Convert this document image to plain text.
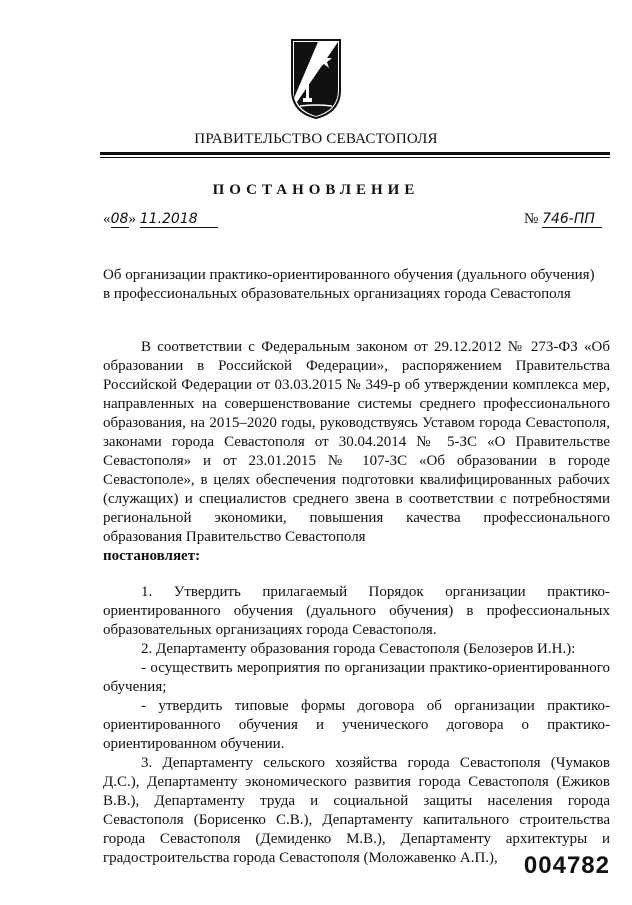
ПРАВИТЕЛЬСТВО СЕВАСТОПОЛЯ
ПОСТАНОВЛЕНИЕ
«08» 11.2018	№ 746-ПП
Об организации практико-ориентированного обучения (дуального обучения)
в профессиональных образовательных организациях города Севастополя

В соответствии с Федеральным законом от 29.12.2012 № 273-ФЗ «Об образовании в Российской Федерации», распоряжением Правительства Российской Федерации от 03.03.2015 № 349-р об утверждении комплекса мер, направленных на совершенствование системы среднего профессионального образования, на 2015–2020 годы, руководствуясь Уставом города Севастополя, законами города Севастополя от 30.04.2014 № 5-ЗС «О Правительстве Севастополя» и от 23.01.2015 № 107-ЗС «Об образовании в городе Севастополе», в целях обеспечения подготовки квалифицированных рабочих (служащих) и специалистов среднего звена в соответствии с потребностями региональной экономики, повышения качества профессионального образования Правительство Севастополя
постановляет:

1. Утвердить прилагаемый Порядок организации практико-ориентированного обучения (дуального обучения) в профессиональных образовательных организациях города Севастополя.

2. Департаменту образования города Севастополя (Белозеров И.Н.):

- осуществить мероприятия по организации практико-ориентированного обучения;

- утвердить типовые формы договора об организации практико-ориентированного обучения и ученического договора о практико-ориентированном обучении.

3. Департаменту сельского хозяйства города Севастополя (Чумаков Д.С.), Департаменту экономического развития города Севастополя (Ежиков В.В.), Департаменту труда и социальной защиты населения города Севастополя (Борисенко С.В.), Департаменту капитального строительства города Севастополя (Демиденко М.В.), Департаменту архитектуры и градостроительства города Севастополя (Моложавенко А.П.),	004782
